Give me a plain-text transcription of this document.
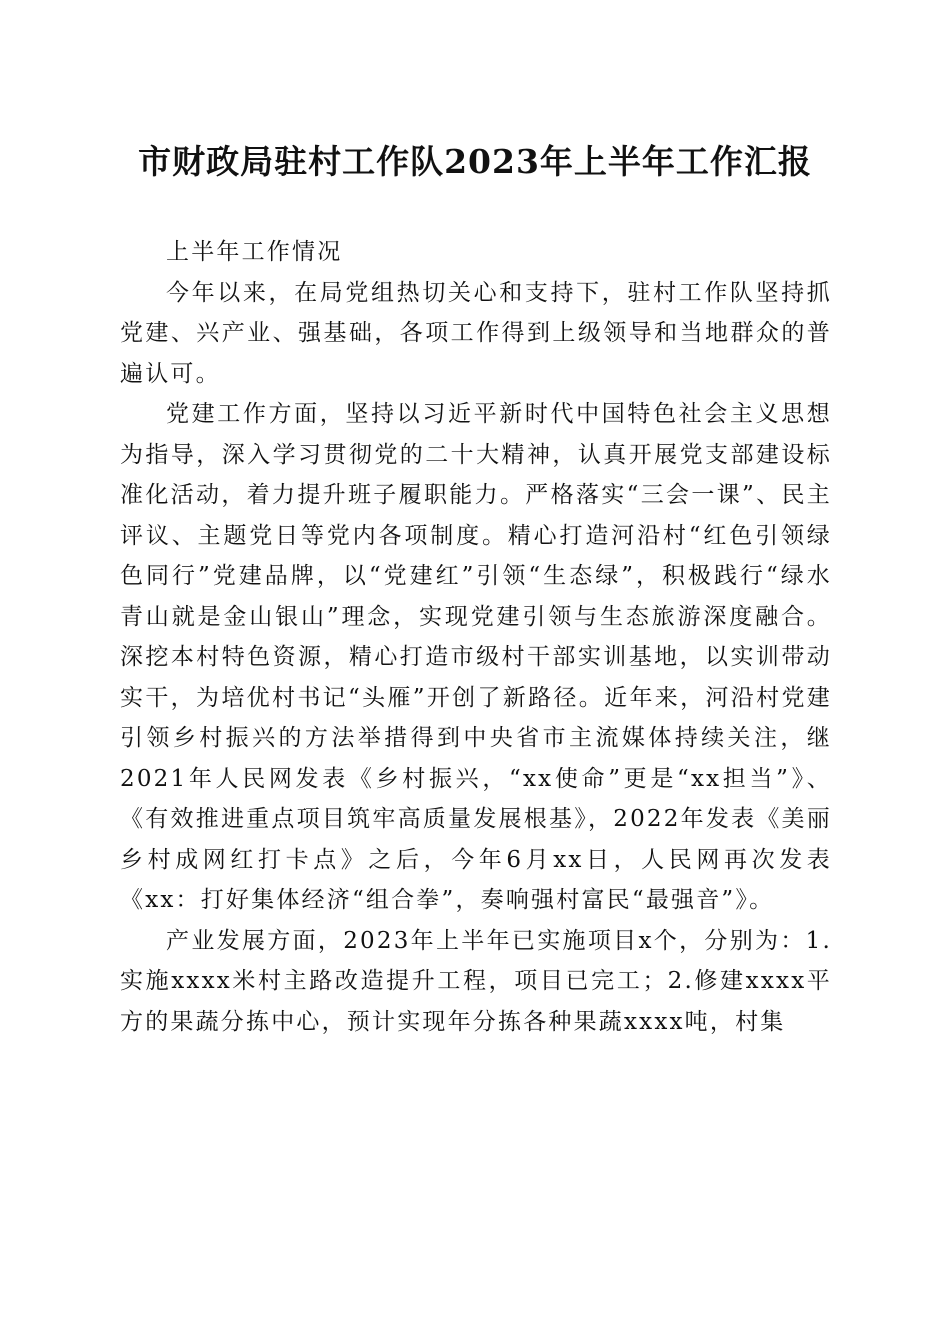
市财政局驻村工作队2023年上半年工作汇报

上半年工作情况

今年以来，在局党组热切关心和支持下，驻村工作队坚持抓党建、兴产业、强基础，各项工作得到上级领导和当地群众的普遍认可。

党建工作方面，坚持以习近平新时代中国特色社会主义思想为指导，深入学习贯彻党的二十大精神，认真开展党支部建设标准化活动，着力提升班子履职能力。严格落实“三会一课”、民主评议、主题党日等党内各项制度。精心打造河沿村“红色引领绿色同行”党建品牌，以“党建红”引领“生态绿”，积极践行“绿水青山就是金山银山”理念，实现党建引领与生态旅游深度融合。深挖本村特色资源，精心打造市级村干部实训基地，以实训带动实干，为培优村书记“头雁”开创了新路径。近年来，河沿村党建引领乡村振兴的方法举措得到中央省市主流媒体持续关注，继2021年人民网发表《乡村振兴，“xx使命”更是“xx担当”》、《有效推进重点项目筑牢高质量发展根基》，2022年发表《美丽乡村成网红打卡点》之后，今年6月xx日，人民网再次发表《xx：打好集体经济“组合拳”，奏响强村富民“最强音”》。

产业发展方面，2023年上半年已实施项目x个，分别为：1.实施xxxx米村主路改造提升工程，项目已完工；2.修建xxxx平方的果蔬分拣中心，预计实现年分拣各种果蔬xxxx吨，村集
